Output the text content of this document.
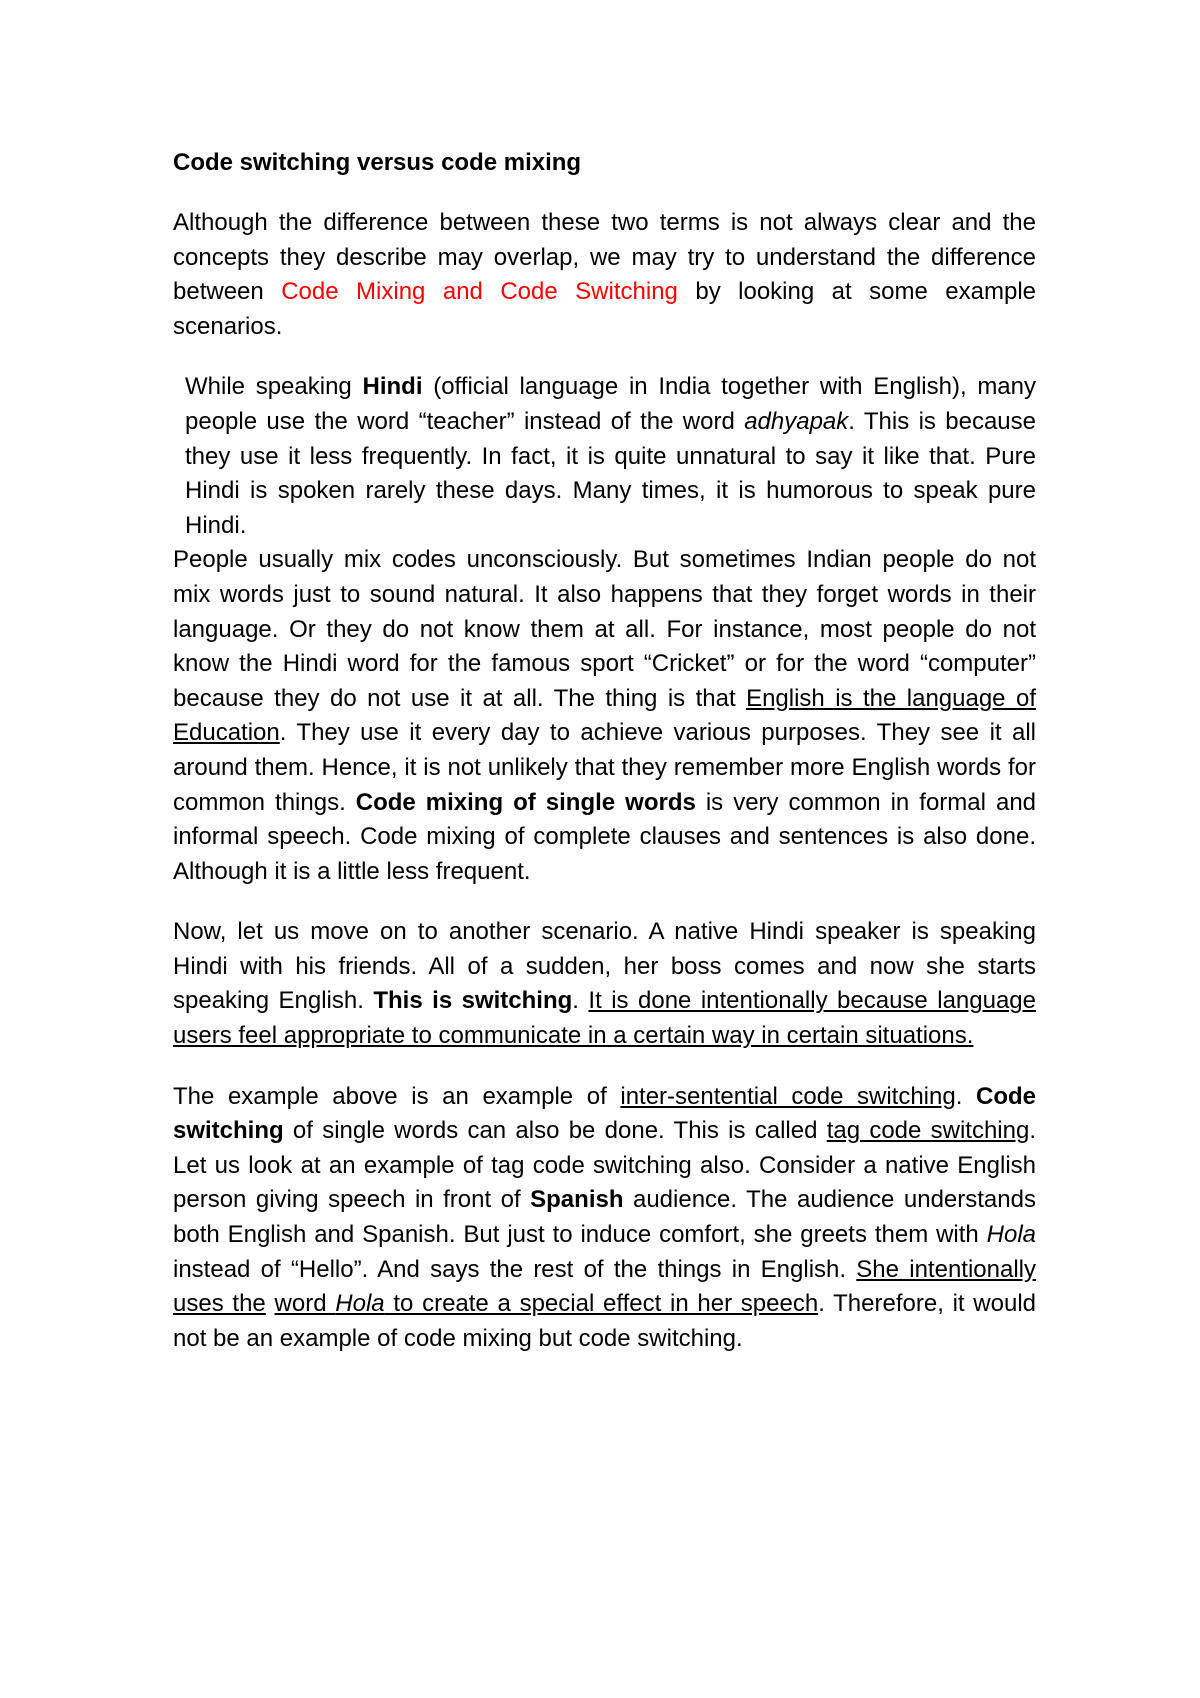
Code switching versus code mixing

Although the difference between these two terms is not always clear and the concepts they describe may overlap, we may try to understand the difference between Code Mixing and Code Switching by looking at some example scenarios.

While speaking Hindi (official language in India together with English), many people use the word “teacher” instead of the word adhyapak. This is because they use it less frequently. In fact, it is quite unnatural to say it like that. Pure Hindi is spoken rarely these days. Many times, it is humorous to speak pure Hindi.

People usually mix codes unconsciously. But sometimes Indian people do not mix words just to sound natural. It also happens that they forget words in their language. Or they do not know them at all. For instance, most people do not know the Hindi word for the famous sport “Cricket” or for the word “computer” because they do not use it at all. The thing is that English is the language of Education. They use it every day to achieve various purposes. They see it all around them. Hence, it is not unlikely that they remember more English words for common things. Code mixing of single words is very common in formal and informal speech. Code mixing of complete clauses and sentences is also done. Although it is a little less frequent.

Now, let us move on to another scenario. A native Hindi speaker is speaking Hindi with his friends. All of a sudden, her boss comes and now she starts speaking English. This is switching. It is done intentionally because language users feel appropriate to communicate in a certain way in certain situations.

The example above is an example of inter-sentential code switching. Code switching of single words can also be done. This is called tag code switching. Let us look at an example of tag code switching also. Consider a native English person giving speech in front of Spanish audience. The audience understands both English and Spanish. But just to induce comfort, she greets them with Hola instead of “Hello”. And says the rest of the things in English. She intentionally uses the word Hola to create a special effect in her speech. Therefore, it would not be an example of code mixing but code switching.
